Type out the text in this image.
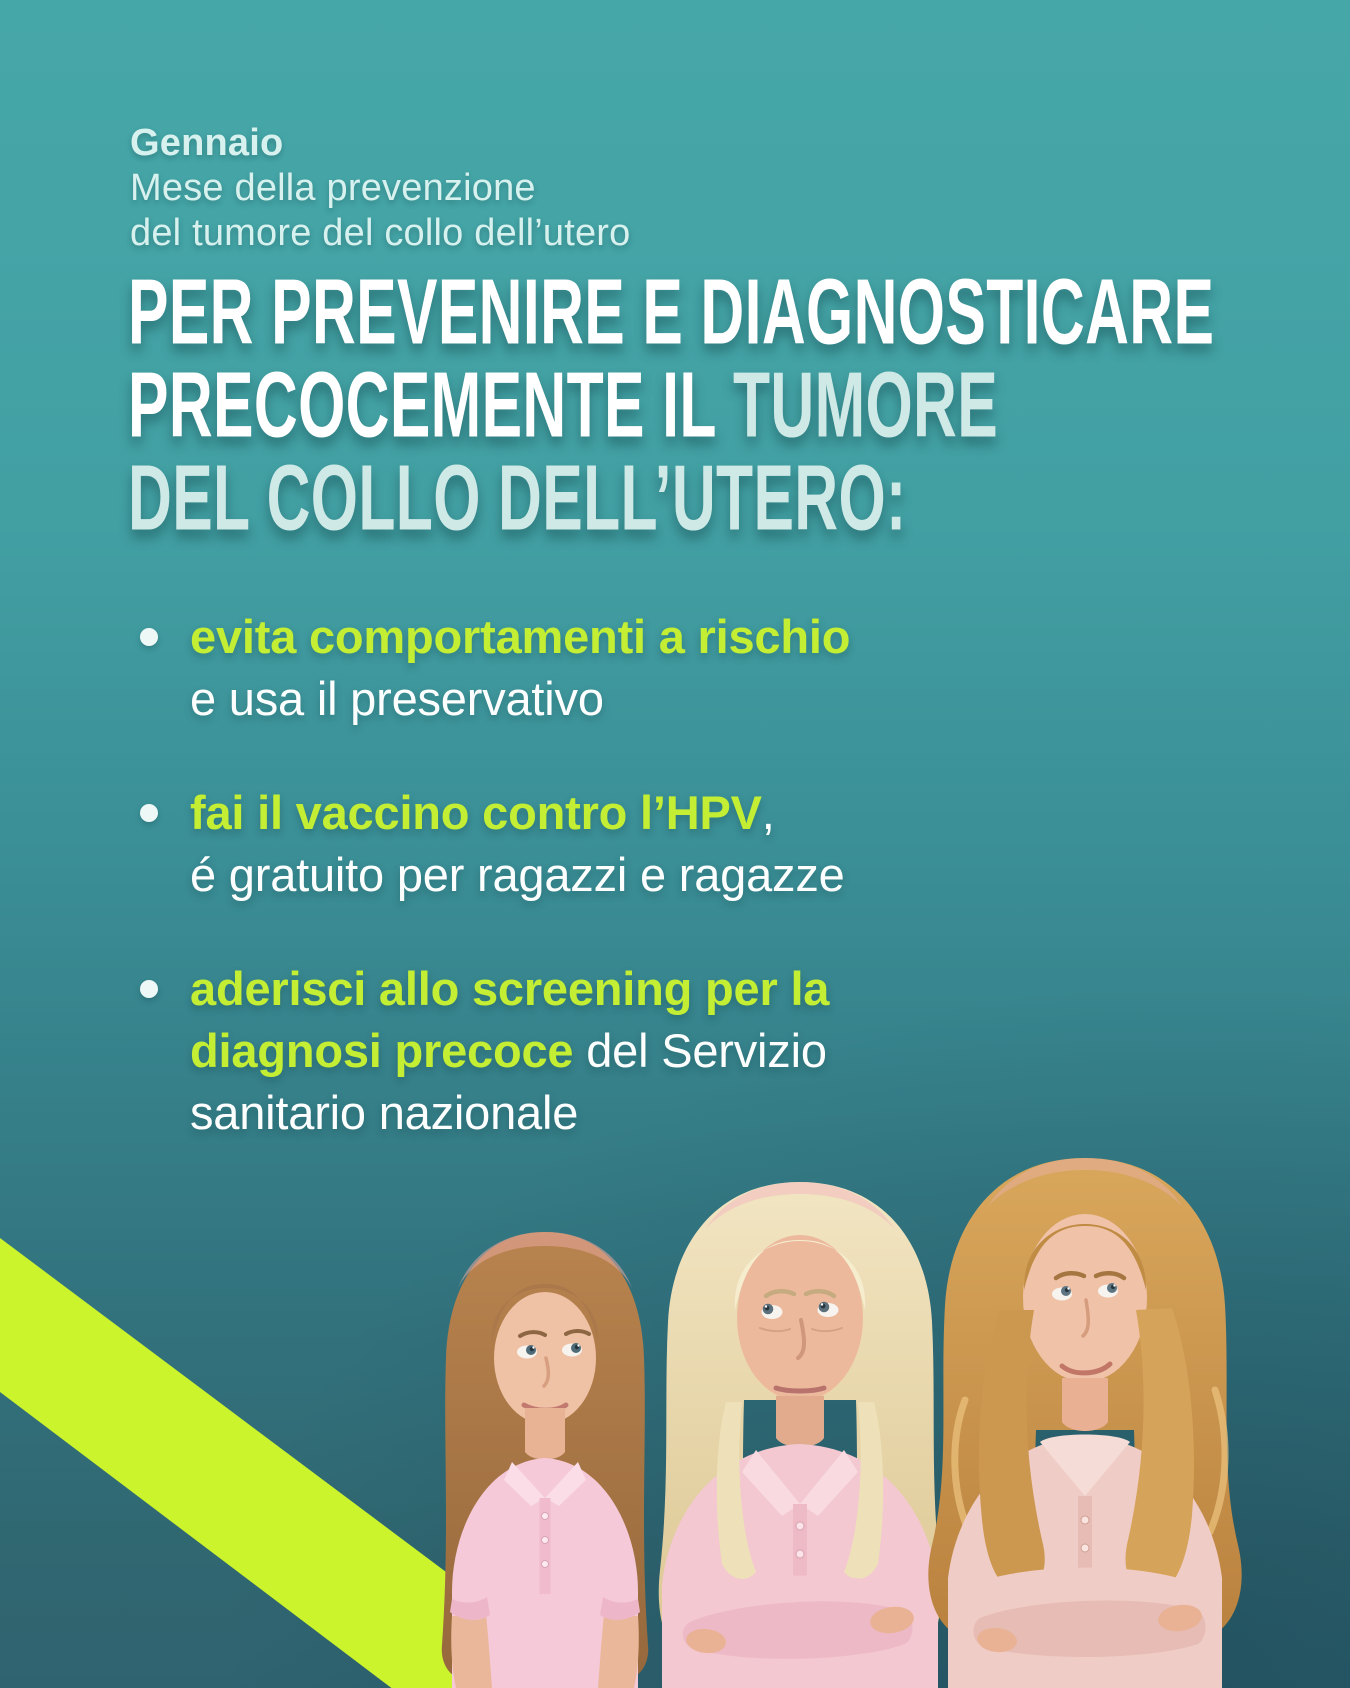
Gennaio
Mese della prevenzione
del tumore del collo dell’utero
PER PREVENIRE E DIAGNOSTICARE
PRECOCEMENTE IL TUMORE
DEL COLLO DELL’UTERO:
evita comportamenti a rischio
e usa il preservativo
fai il vaccino contro l’HPV,
é gratuito per ragazzi e ragazze
aderisci allo screening per la
diagnosi precoce del Servizio
sanitario nazionale
